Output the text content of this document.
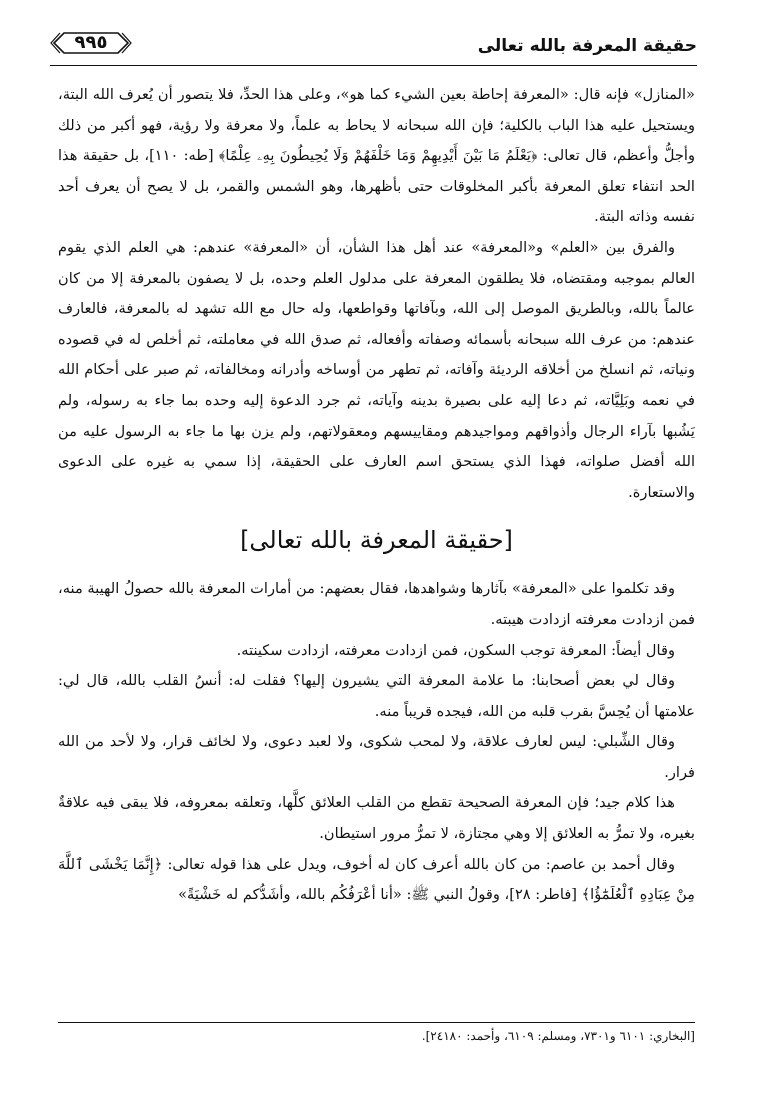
حقيقة المعرفة بالله تعالى
٩٩٥

«المنازل» فإنه قال: «المعرفة إحاطة بعين الشيء كما هو»، وعلى هذا الحدِّ، فلا يتصور أن يُعرف الله البتة، ويستحيل عليه هذا الباب بالكلية؛ فإن الله سبحانه لا يحاط به علماً، ولا معرفة ولا رؤية، فهو أكبر من ذلك وأجلُّ وأعظم، قال تعالى: ﴿يَعْلَمُ مَا بَيْنَ أَيْدِيهِمْ وَمَا خَلْفَهُمْ وَلَا يُحِيطُونَ بِهِۦ عِلْمًا﴾ [طه: ١١٠]، بل حقيقة هذا الحد انتفاء تعلق المعرفة بأكبر المخلوقات حتى بأظهرها، وهو الشمس والقمر، بل لا يصح أن يعرف أحد نفسه وذاته البتة.

والفرق بين «العلم» و«المعرفة» عند أهل هذا الشأن، أن «المعرفة» عندهم: هي العلم الذي يقوم العالم بموجبه ومقتضاه، فلا يطلقون المعرفة على مدلول العلم وحده، بل لا يصفون بالمعرفة إلا من كان عالماً بالله، وبالطريق الموصل إلى الله، وبآفاتها وقواطعها، وله حال مع الله تشهد له بالمعرفة، فالعارف عندهم: من عرف الله سبحانه بأسمائه وصفاته وأفعاله، ثم صدق الله في معاملته، ثم أخلص له في قصوده ونياته، ثم انسلخ من أخلاقه الرديئة وآفاته، ثم تطهر من أوساخه وأدرانه ومخالفاته، ثم صبر على أحكام الله في نعمه وبَلِيَّاته، ثم دعا إليه على بصيرة بدينه وآياته، ثم جرد الدعوة إليه وحده بما جاء به رسوله، ولم يَشُبها بآراء الرجال وأذواقهم ومواجيدهم ومقاييسهم ومعقولاتهم، ولم يزن بها ما جاء به الرسول عليه من الله أفضل صلواته، فهذا الذي يستحق اسم العارف على الحقيقة، إذا سمي به غيره على الدعوى والاستعارة.

[حقيقة المعرفة بالله تعالى]

وقد تكلموا على «المعرفة» بآثارها وشواهدها، فقال بعضهم: من أمارات المعرفة بالله حصولُ الهيبة منه، فمن ازدادت معرفته ازدادت هيبته.

وقال أيضاً: المعرفة توجب السكون، فمن ازدادت معرفته، ازدادت سكينته.

وقال لي بعض أصحابنا: ما علامة المعرفة التي يشيرون إليها؟ فقلت له: أنسُ القلب بالله، قال لي: علامتها أن يُحِسَّ بقرب قلبه من الله، فيجده قريباً منه.

وقال الشِّبلي: ليس لعارف علاقة، ولا لمحب شكوى، ولا لعبد دعوى، ولا لخائف قرار، ولا لأحد من الله فرار.

هذا كلام جيد؛ فإن المعرفة الصحيحة تقطع من القلب العلائق كلَّها، وتعلقه بمعروفه، فلا يبقى فيه علاقةٌ بغيره، ولا تمرُّ به العلائق إلا وهي مجتازة، لا تمرُّ مرور استيطان.

وقال أحمد بن عاصم: من كان بالله أعرف كان له أخوف، ويدل على هذا قوله تعالى: ﴿إِنَّمَا يَخْشَى ٱللَّهَ مِنْ عِبَادِهِ ٱلْعُلَمَٰٓؤُا﴾ [فاطر: ٢٨]، وقولُ النبي ﷺ: «أنا أعْرَفُكُم بالله، وأشَدُّكم له خَشْيَةً»

[البخاري: ٦١٠١ و٧٣٠١، ومسلم: ٦١٠٩، وأحمد: ٢٤١٨٠].
